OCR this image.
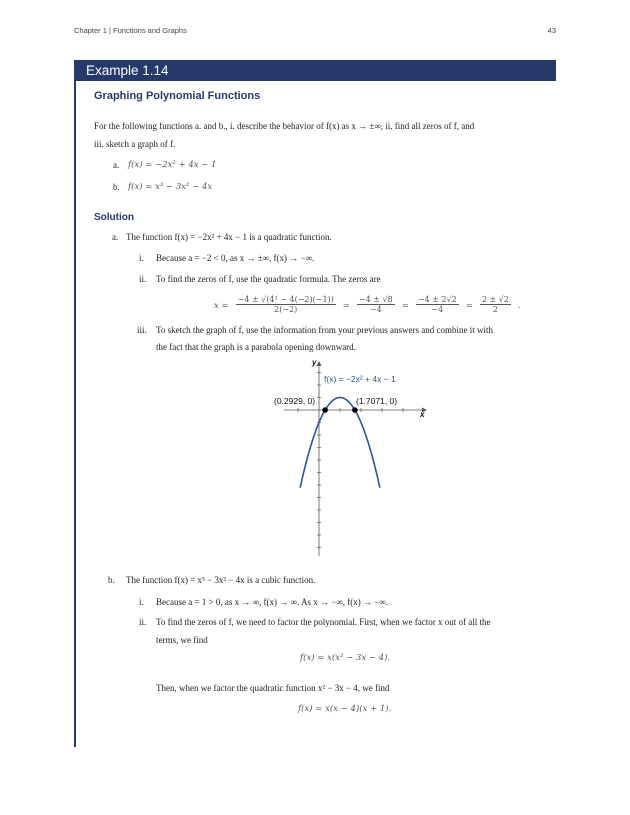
Chapter 1 | Functions and Graphs	43
Example 1.14
Graphing Polynomial Functions
For the following functions a. and b., i. describe the behavior of f(x) as x → ±∞, ii. find all zeros of f, and
iii. sketch a graph of f.
a. f(x) = −2x² + 4x − 1
b. f(x) = x³ − 3x² − 4x
Solution
a. The function f(x) = −2x² + 4x − 1 is a quadratic function.
i. Because a = −2 < 0, as x → ±∞, f(x) → −∞.
ii. To find the zeros of f, use the quadratic formula. The zeros are
$x = \frac{\text{−4 ± √(4² − 4(−2)(−1))}}{2(-2)} = \frac{-4 \pm √8}{-4} = \frac{-4 \pm 2√2}{-4} = \frac{2 \pm √2}{2}$ .
iii. To sketch the graph of f, use the information from your previous answers and combine it with
the fact that the graph is a parabola opening downward.
f(x) = −2x² + 4x − 1
(0.2929, 0)	(1.7071, 0)
x
y
b. The function f(x) = x³ − 3x² − 4x is a cubic function.
i. Because a = 1 > 0, as x → ∞, f(x) → ∞. As x → −∞, f(x) → −∞.
ii. To find the zeros of f, we need to factor the polynomial. First, when we factor x out of all the
terms, we find
f(x) = x(x² − 3x − 4).
Then, when we factor the quadratic function x² − 3x − 4, we find
f(x) = x(x − 4)(x + 1).
